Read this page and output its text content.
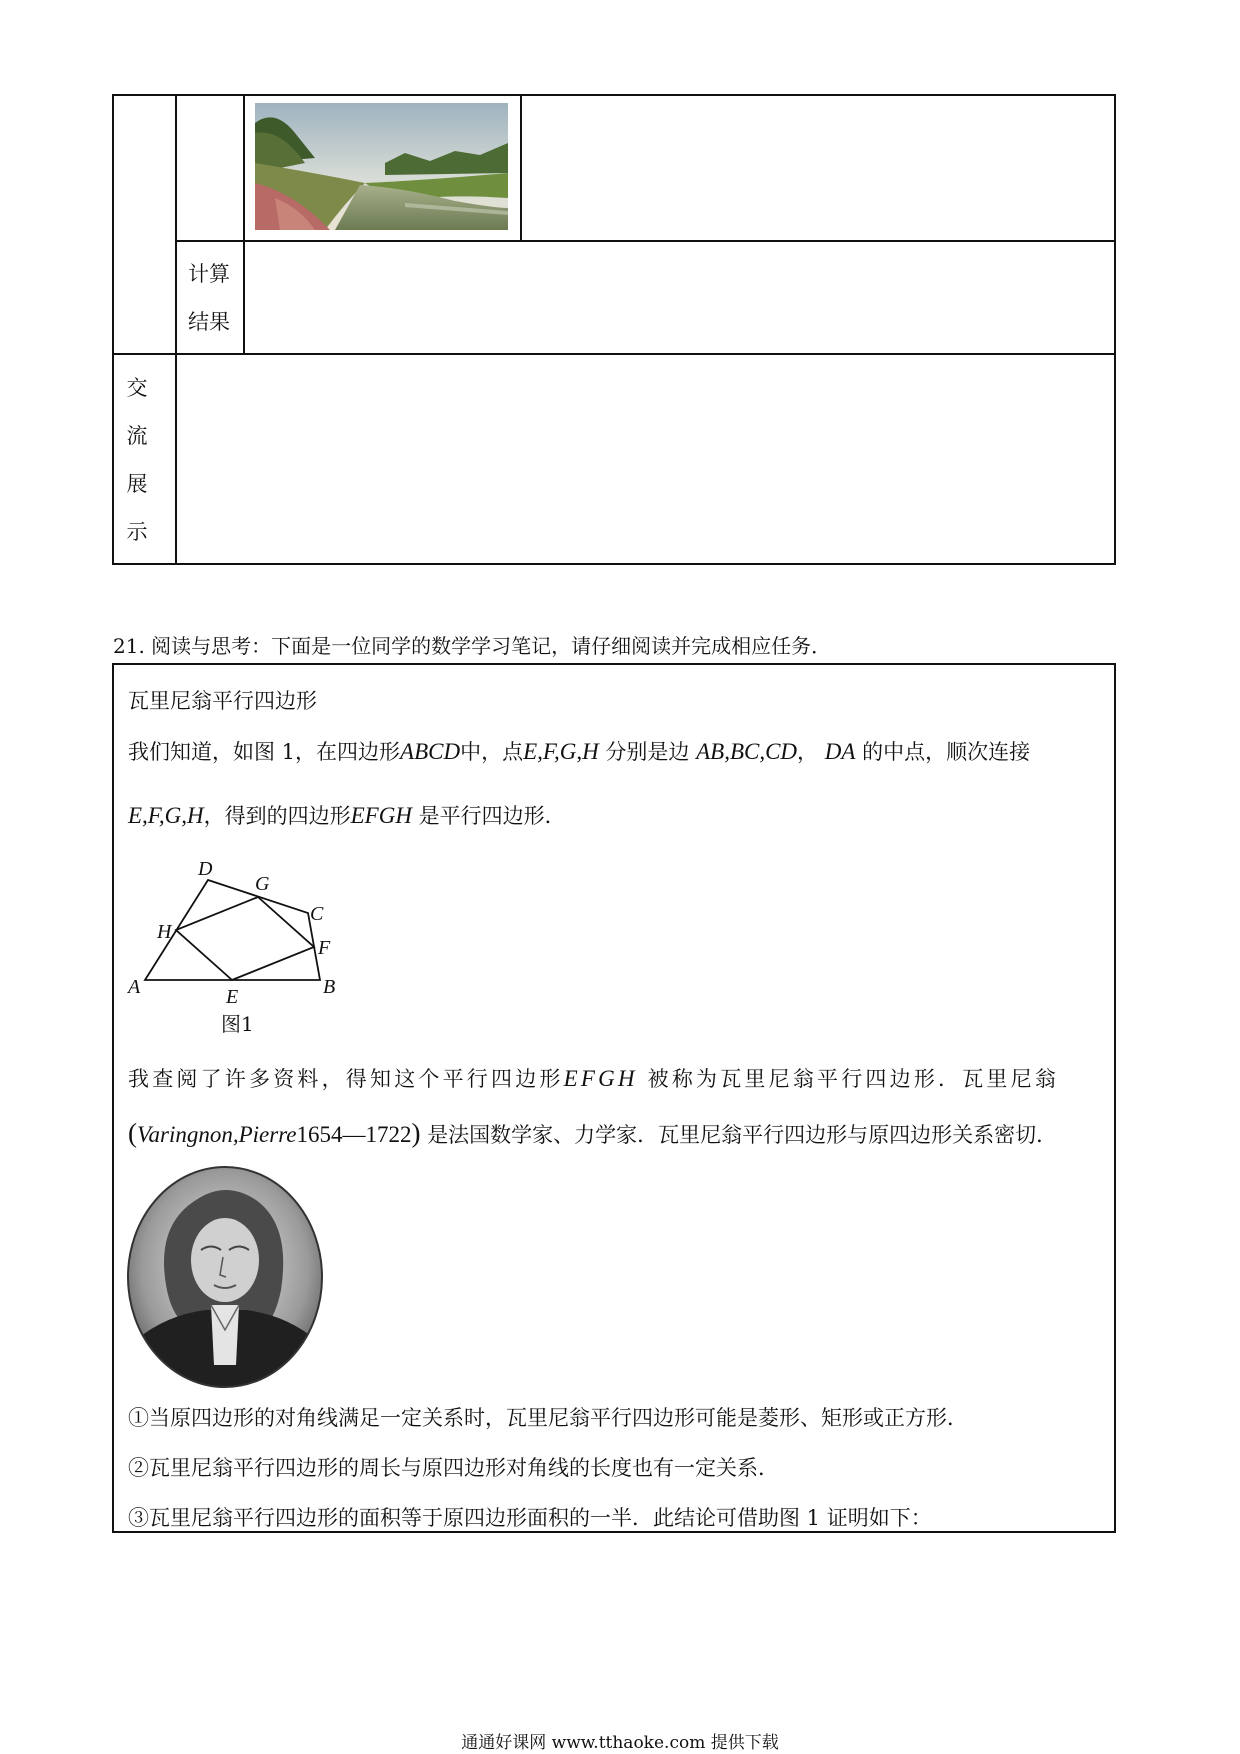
计算
结果
交
流
展
示
21. 阅读与思考：下面是一位同学的数学学习笔记，请仔细阅读并完成相应任务．
瓦里尼翁平行四边形
我们知道，如图 1，在四边形ABCD中，点E,F,G,H 分别是边 AB,BC,CD， DA 的中点，顺次连接
E,F,G,H，得到的四边形EFGH 是平行四边形．
A	B
C
D
E
F
G
H
图1
我查阅了许多资料，得知这个平行四边形EFGH 被称为瓦里尼翁平行四边形．瓦里尼翁
(Varingnon,Pierre1654—1722) 是法国数学家、力学家．瓦里尼翁平行四边形与原四边形关系密切．
①当原四边形的对角线满足一定关系时，瓦里尼翁平行四边形可能是菱形、矩形或正方形．
②瓦里尼翁平行四边形的周长与原四边形对角线的长度也有一定关系．
③瓦里尼翁平行四边形的面积等于原四边形面积的一半．此结论可借助图 1 证明如下：
通通好课网 www.tthaoke.com 提供下载
